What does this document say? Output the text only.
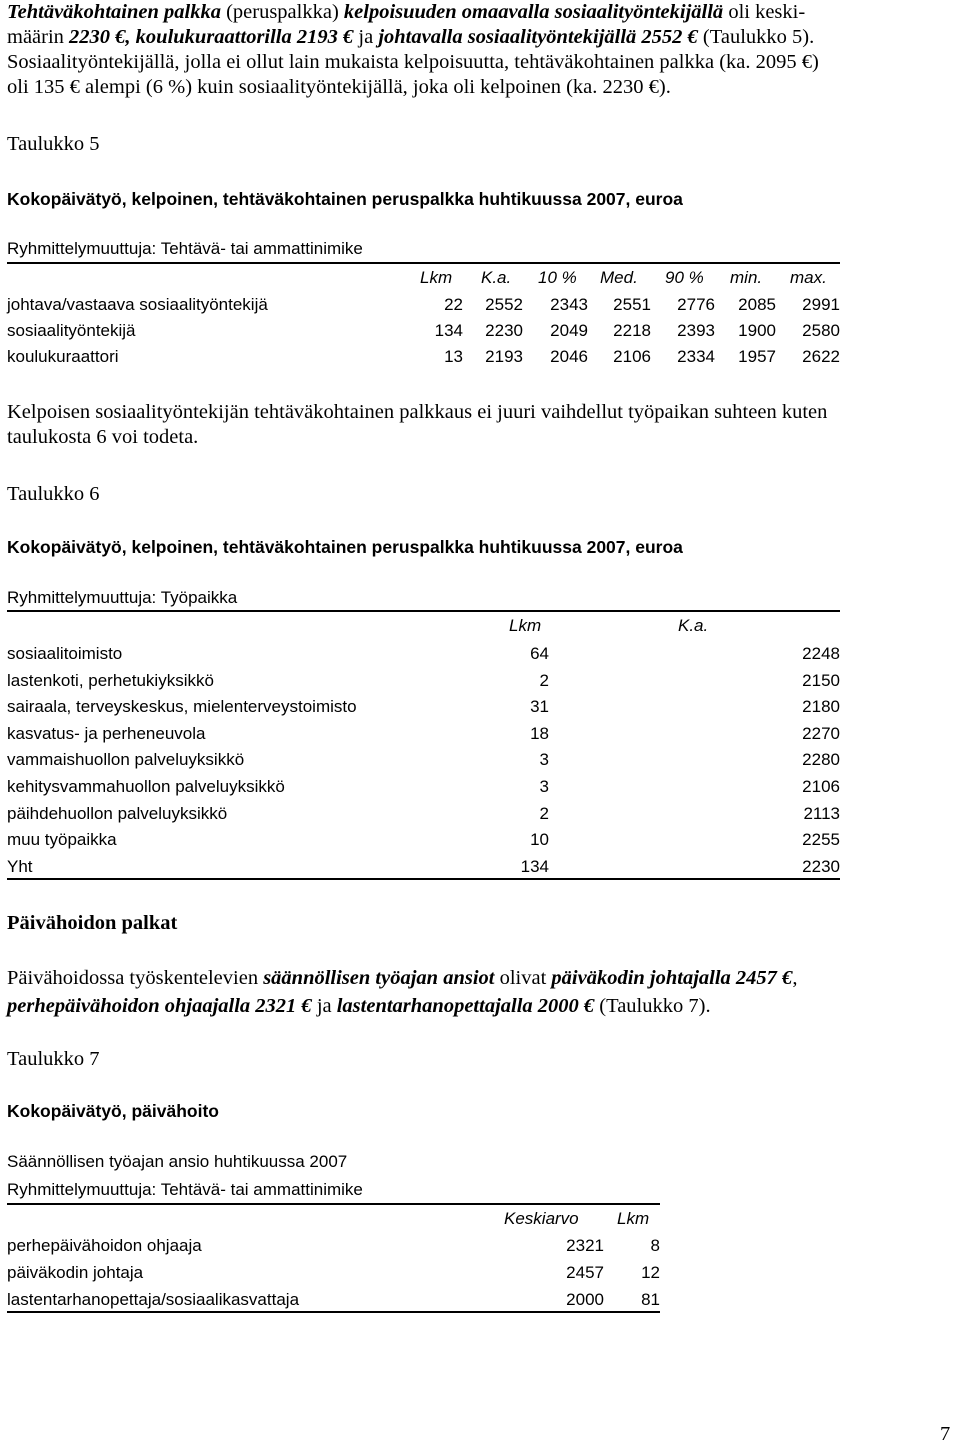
Tehtäväkohtainen palkka (peruspalkka) kelpoisuuden omaavalla sosiaalityöntekijällä oli keski-
määrin 2230 €, koulukuraattorilla 2193 € ja johtavalla sosiaalityöntekijällä 2552 € (Taulukko 5).
Sosiaalityöntekijällä, jolla ei ollut lain mukaista kelpoisuutta, tehtäväkohtainen palkka (ka. 2095 €)
oli 135 € alempi (6 %) kuin sosiaalityöntekijällä, joka oli kelpoinen (ka. 2230 €).
Taulukko 5
Kokopäivätyö, kelpoinen, tehtäväkohtainen peruspalkka huhtikuussa 2007, euroa
Ryhmittelymuuttuja: Tehtävä- tai ammattinimike
Lkm K.a. 10 % Med. 90 % min. max.
johtava/vastaava sosiaalityöntekijä	22 2552 2343 2551 2776 2085 2991
sosiaalityöntekijä	134 2230 2049 2218 2393 1900 2580
koulukuraattori	13 2193 2046 2106 2334 1957 2622
Kelpoisen sosiaalityöntekijän tehtäväkohtainen palkkaus ei juuri vaihdellut työpaikan suhteen kuten
taulukosta 6 voi todeta.
Taulukko 6
Kokopäivätyö, kelpoinen, tehtäväkohtainen peruspalkka huhtikuussa 2007, euroa
Ryhmittelymuuttuja: Työpaikka
Lkm	K.a.
sosiaalitoimisto	64	2248
lastenkoti, perhetukiyksikkö	2	2150
sairaala, terveyskeskus, mielenterveystoimisto	31	2180
kasvatus- ja perheneuvola	18	2270
vammaishuollon palveluyksikkö	3	2280
kehitysvammahuollon palveluyksikkö	3	2106
päihdehuollon palveluyksikkö	2	2113
muu työpaikka	10	2255
Yht	134	2230
Päivähoidon palkat
Päivähoidossa työskentelevien säännöllisen työajan ansiot olivat päiväkodin johtajalla 2457 €,
perhepäivähoidon ohjaajalla 2321 € ja lastentarhanopettajalla 2000 € (Taulukko 7).
Taulukko 7
Kokopäivätyö, päivähoito
Säännöllisen työajan ansio huhtikuussa 2007
Ryhmittelymuuttuja: Tehtävä- tai ammattinimike
Keskiarvo Lkm
perhepäivähoidon ohjaaja	2321	8
päiväkodin johtaja	2457 12
lastentarhanopettaja/sosiaalikasvattaja	2000 81
7
